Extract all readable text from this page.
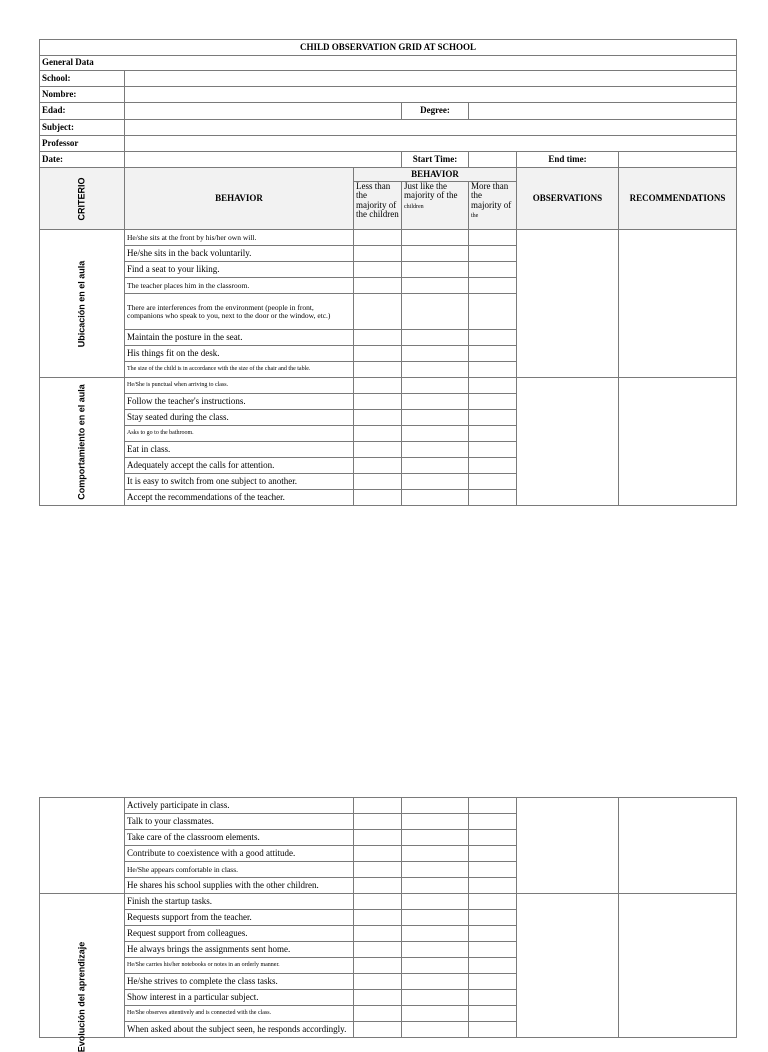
CHILD OBSERVATION GRID AT SCHOOL						
General Data						
School:						
Nombre:						
Edad:			Degree:			
Subject:						
Professor						
Date:			Start Time:		End time:	

CRITERIO	BEHAVIOR	BEHAVIOR			OBSERVATIONS	RECOMMENDATIONS
		Less than the majority of the children	Just like the majority of the children	More than the majority of the		

Ubicación en el aula	He/she sits at the front by his/her own will.					
	He/she sits in the back voluntarily.					
	Find a seat to your liking.					
	The teacher places him in the classroom.					
	There are interferences from the environment (people in front, companions who speak to you, next to the door or the window, etc.)					
	Maintain the posture in the seat.					
	His things fit on the desk.					
	The size of the child is in accordance with the size of the chair and the table.					

Comportamiento en el aula	He/She is punctual when arriving to class.					
	Follow the teacher's instructions.					
	Stay seated during the class.					
	Asks to go to the bathroom.					
	Eat in class.					
	Adequately accept the calls for attention.					
	It is easy to switch from one subject to another.					
	Accept the recommendations of the teacher.					
	Actively participate in class.					
	Talk to your classmates.					
	Take care of the classroom elements.					
	Contribute to coexistence with a good attitude.					
	He/She appears comfortable in class.					
	He shares his school supplies with the other children.					

Evolución del aprendizaje	Finish the startup tasks.					
	Requests support from the teacher.					
	Request support from colleagues.					
	He always brings the assignments sent home.					
	He/She carries his/her notebooks or notes in an orderly manner.					
	He/she strives to complete the class tasks.					
	Show interest in a particular subject.					
	He/She observes attentively and is connected with the class.					
	When asked about the subject seen, he responds accordingly.					
